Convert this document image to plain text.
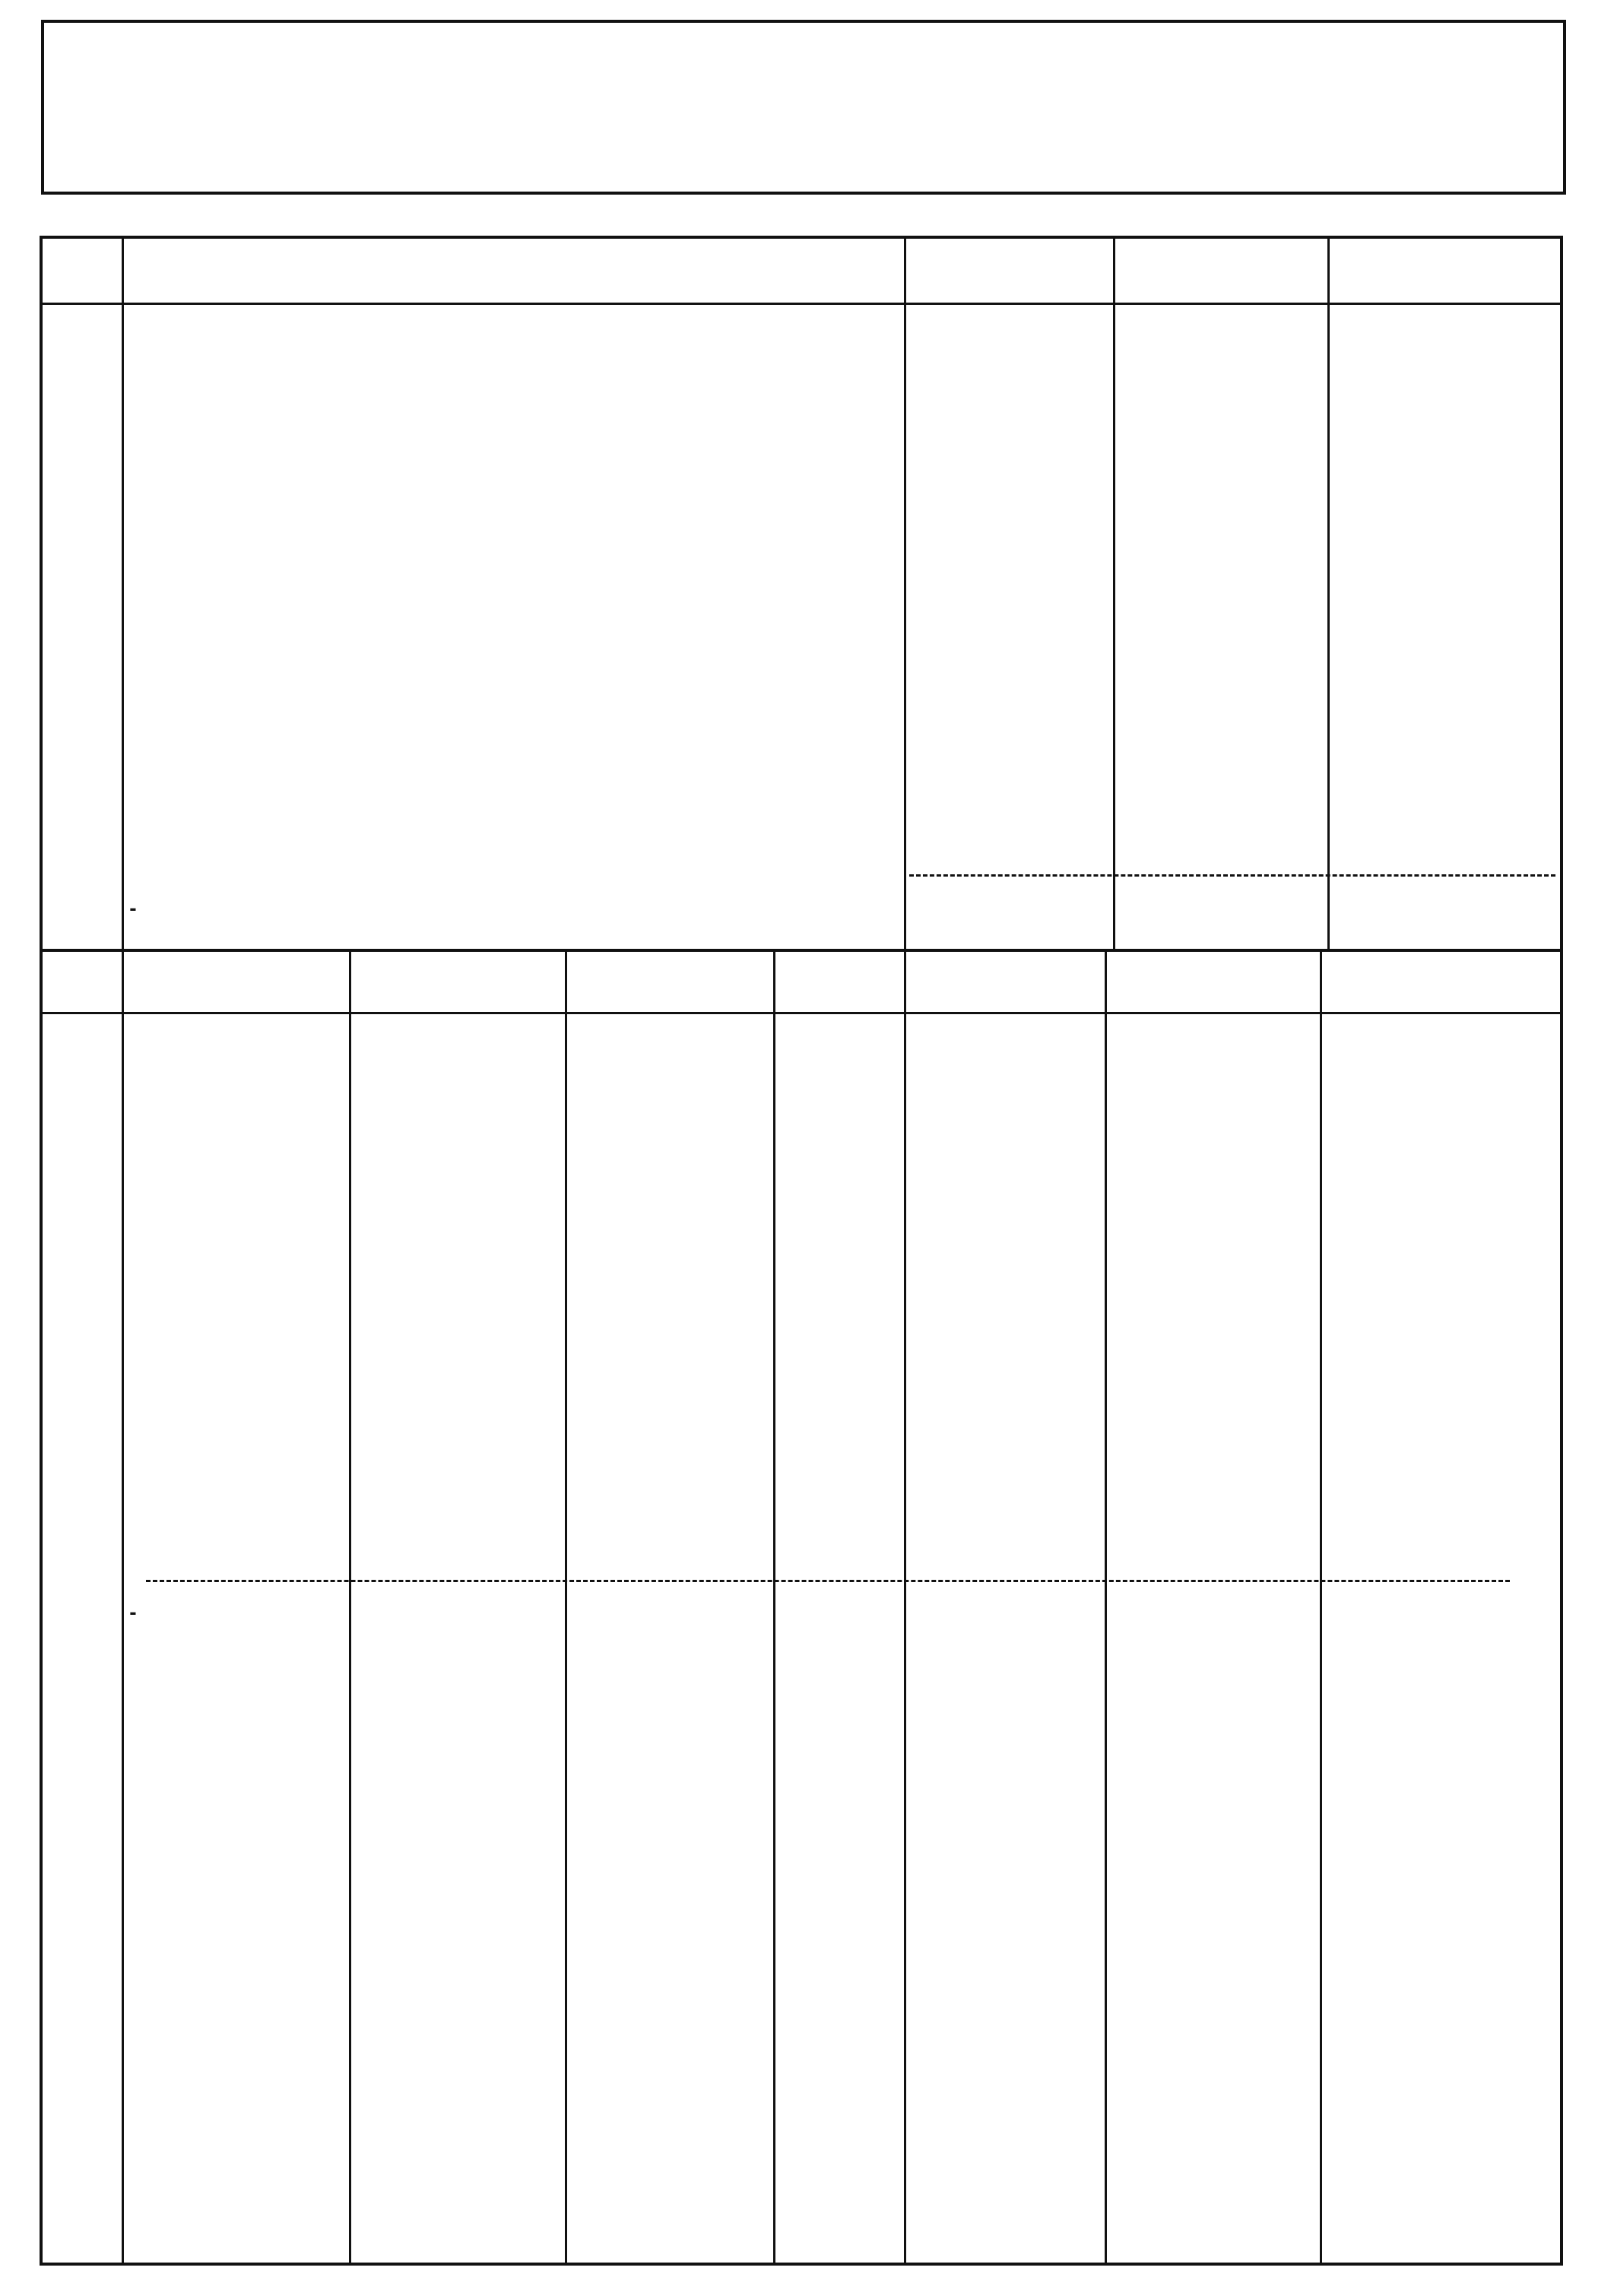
-
-
